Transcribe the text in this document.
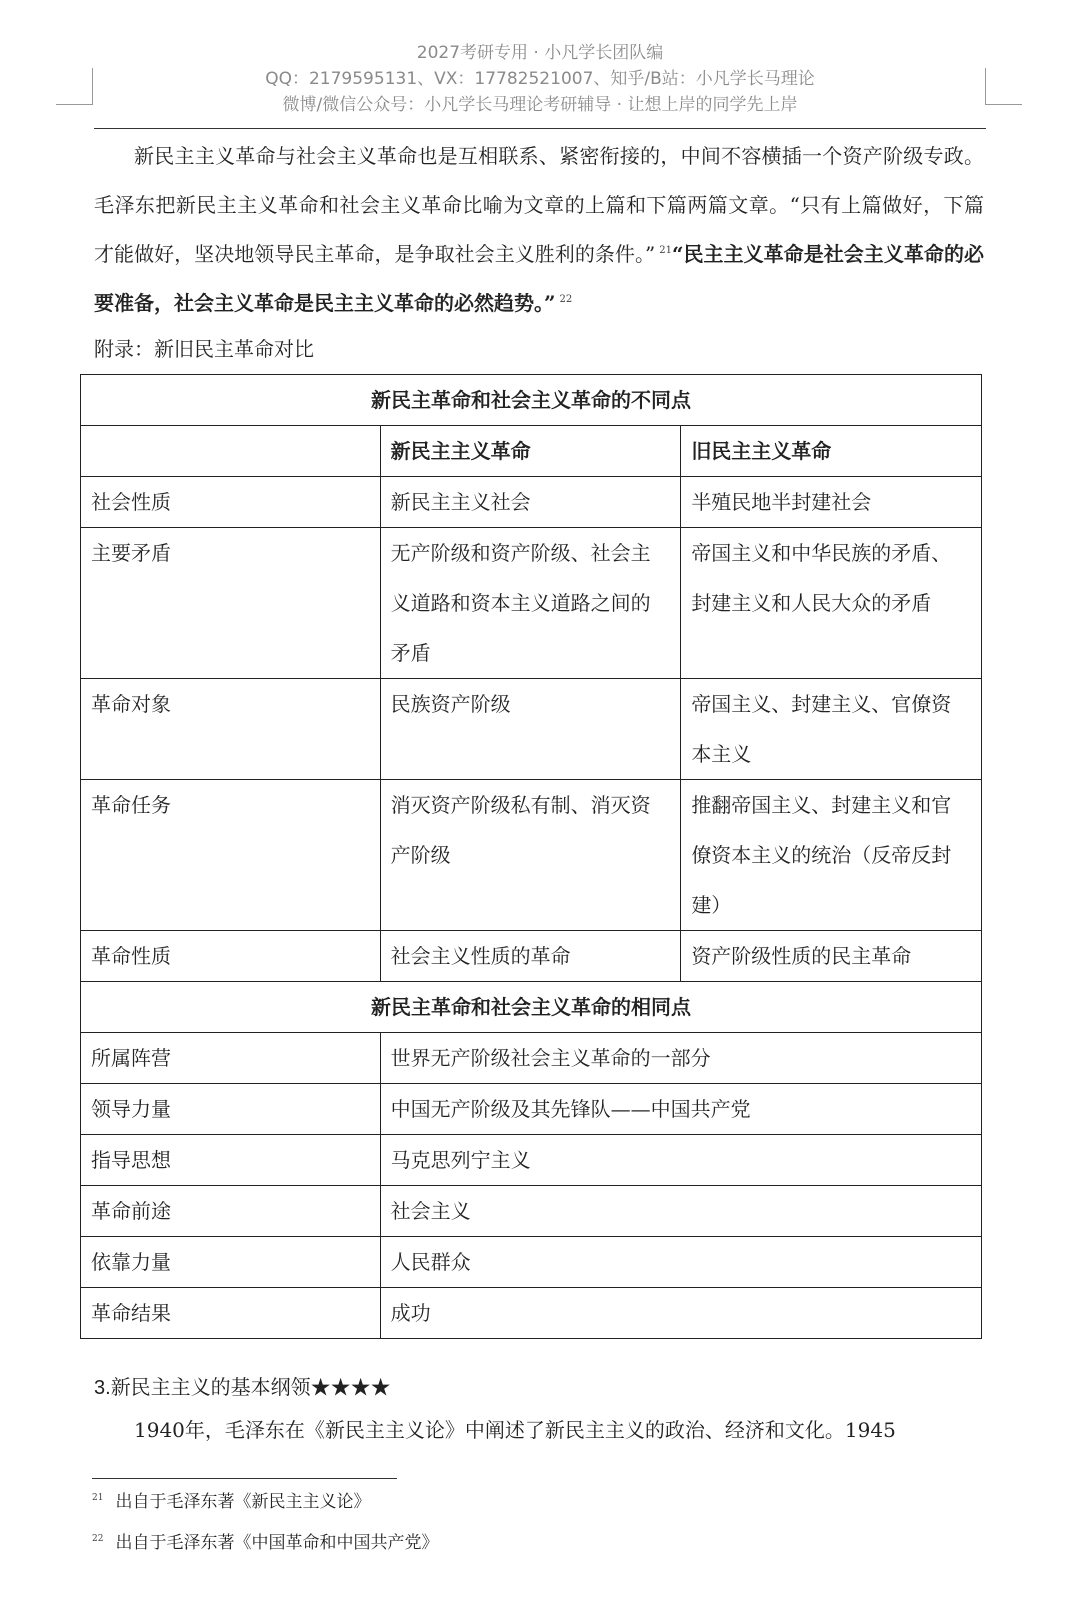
2027考研专用 · 小凡学长团队编
QQ：2179595131、VX：17782521007、知乎/B站：小凡学长马理论
微博/微信公众号：小凡学长马理论考研辅导 · 让想上岸的同学先上岸

新民主主义革命与社会主义革命也是互相联系、紧密衔接的，中间不容横插一个资产阶级专政。毛泽东把新民主主义革命和社会主义革命比喻为文章的上篇和下篇两篇文章。“只有上篇做好，下篇才能做好，坚决地领导民主革命，是争取社会主义胜利的条件。” $^{21}$“民主主义革命是社会主义革命的必要准备，社会主义革命是民主主义革命的必然趋势。” $^{22}$

附录：新旧民主革命对比
新民主革命和社会主义革命的不同点		
	新民主主义革命	旧民主主义革命
社会性质	新民主主义社会	半殖民地半封建社会
主要矛盾	无产阶级和资产阶级、社会主义道路和资本主义道路之间的矛盾	帝国主义和中华民族的矛盾、封建主义和人民大众的矛盾
革命对象	民族资产阶级	帝国主义、封建主义、官僚资本主义
革命任务	消灭资产阶级私有制、消灭资产阶级	推翻帝国主义、封建主义和官僚资本主义的统治（反帝反封建）
革命性质	社会主义性质的革命	资产阶级性质的民主革命
新民主革命和社会主义革命的相同点		
所属阵营	世界无产阶级社会主义革命的一部分	
领导力量	中国无产阶级及其先锋队——中国共产党	
指导思想	马克思列宁主义	
革命前途	社会主义	
依靠力量	人民群众	
革命结果	成功	
3.新民主主义的基本纲领★★★★
1940年，毛泽东在《新民主主义论》中阐述了新民主主义的政治、经济和文化。1945
$^{21}$ 出自于毛泽东著《新民主主义论》
$^{22}$ 出自于毛泽东著《中国革命和中国共产党》
